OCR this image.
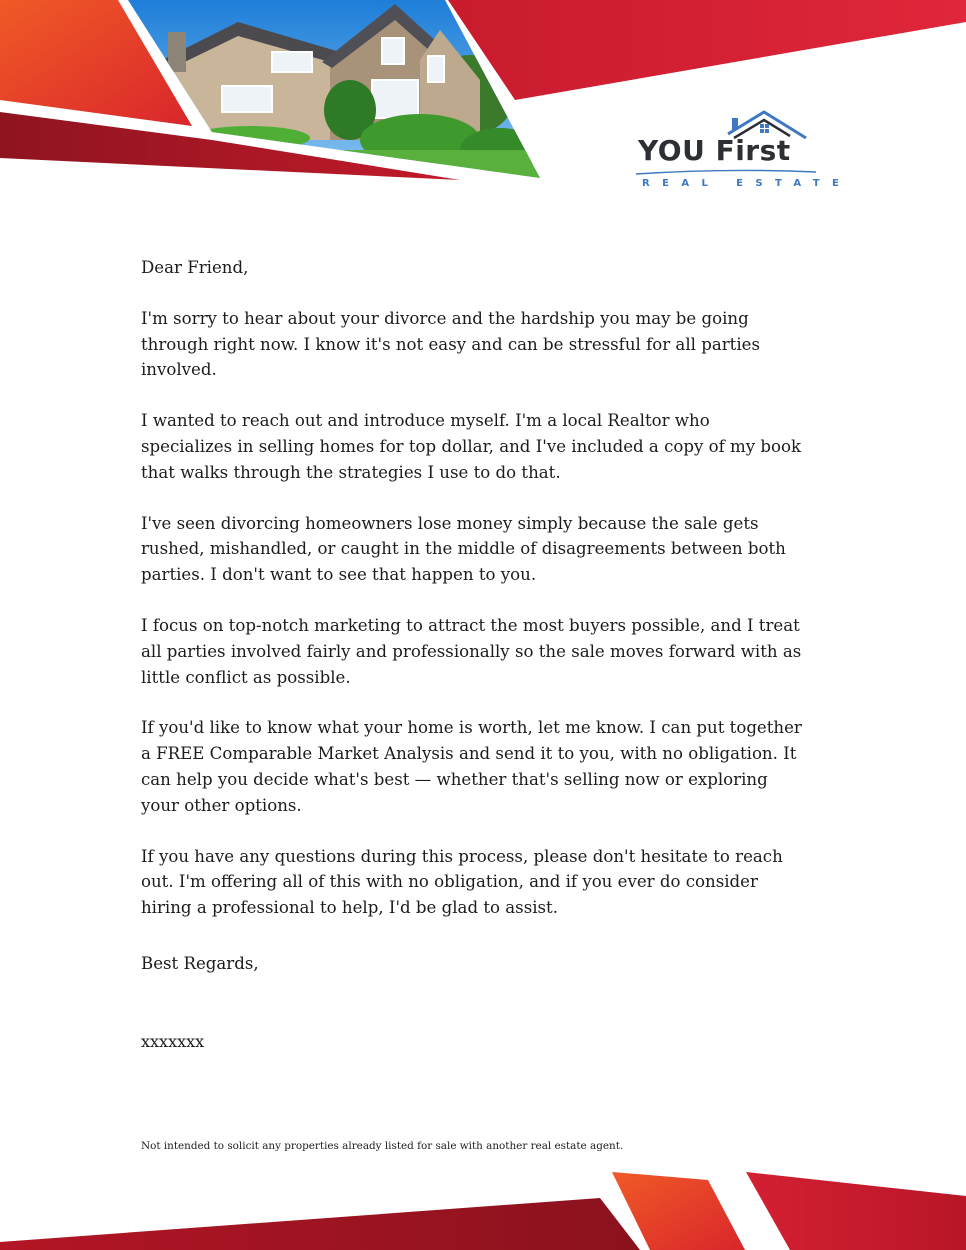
YOU First
REAL ESTATE

Dear Friend,

I'm sorry to hear about your divorce and the hardship you may be going through right now. I know it's not easy and can be stressful for all parties involved.

I wanted to reach out and introduce myself. I'm a local Realtor who specializes in selling homes for top dollar, and I've included a copy of my book that walks through the strategies I use to do that.

I've seen divorcing homeowners lose money simply because the sale gets rushed, mishandled, or caught in the middle of disagreements between both parties. I don't want to see that happen to you.

I focus on top-notch marketing to attract the most buyers possible, and I treat all parties involved fairly and professionally so the sale moves forward with as little conflict as possible.

If you'd like to know what your home is worth, let me know. I can put together a FREE Comparable Market Analysis and send it to you, with no obligation. It can help you decide what's best — whether that's selling now or exploring your other options.

If you have any questions during this process, please don't hesitate to reach out. I'm offering all of this with no obligation, and if you ever do consider hiring a professional to help, I'd be glad to assist.

Best Regards,

xxxxxxx

Not intended to solicit any properties already listed for sale with another real estate agent.
